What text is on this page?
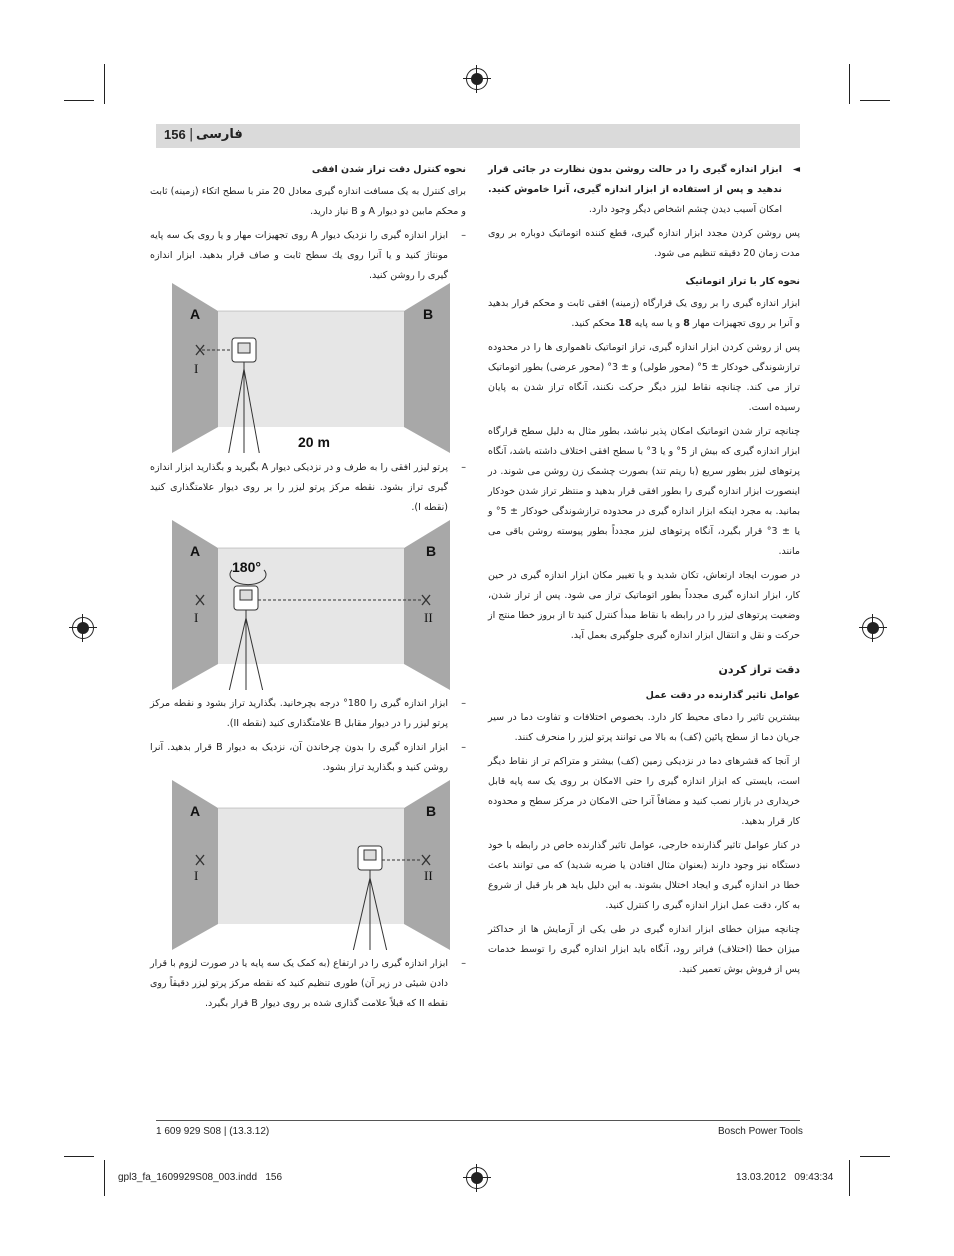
156 | فارسی
◄
ابزار اندازه گیری را در حالت روشن بدون نظارت در جائی قرار ندهید و پس از استفاده از ابزار اندازه گیری، آنرا خاموش کنید. امکان آسیب دیدن چشم اشخاص دیگر وجود دارد.

پس روشن کردن مجدد ابزار اندازه گیری، قطع کننده اتوماتیک دوباره بر روی مدت زمان 20 دقیقه تنظیم می شود.

نحوه کار با تراز اتوماتیک

ابزار اندازه گیری را بر روی یک قرارگاه (زمینه) افقی ثابت و محکم قرار بدهید و آنرا بر روی تجهیزات مهار 8 و یا سه پایه 18 محکم کنید.

پس از روشن کردن ابزار اندازه گیری، تراز اتوماتیک ناهمواری ها را در محدوده ترازشوندگی خودکار ± 5° (محور طولی) و ± 3° (محور عرضی) بطور اتوماتیک تراز می کند. چنانچه نقاط لیزر دیگر حرکت نکنند، آنگاه تراز شدن به پایان رسیده است.

چنانچه تراز شدن اتوماتیک امکان پذیر نباشد، بطور مثال به دلیل سطح قرارگاه ابزار اندازه گیری که بیش از 5° و یا 3° با سطح افقی اختلاف داشته باشد، آنگاه پرتوهای لیزر بطور سریع (با ریتم تند) بصورت چشمک زن روشن می شوند. در اینصورت ابزار اندازه گیری را بطور افقی قرار بدهید و منتظر تراز شدن خودکار بمانید. به مجرد اینکه ابزار اندازه گیری در محدوده ترازشوندگی خودکار ± 5° و یا ± 3° قرار بگیرد، آنگاه پرتوهای لیزر مجدداً بطور پیوسته روشن باقی می مانند.

در صورت ایجاد ارتعاش، تکان شدید و یا تغییر مکان ابزار اندازه گیری در حین کار، ابزار اندازه گیری مجدداً بطور اتوماتیک تراز می شود. پس از تراز شدن، وضعیت پرتوهای لیزر را در رابطه با نقاط مبدأ کنترل کنید تا از بروز خطا منتج از حرکت و نقل و انتقال ابزار اندازه گیری جلوگیری بعمل آید.

دقت تراز کردن
عوامل تاثیر گذارنده در دقت عمل

بیشترین تاثیر را دمای محیط کار دارد. بخصوص اختلافات و تفاوت دما در سیر جریان دما از سطح پائین (کف) به بالا می توانند پرتو لیزر را منحرف کنند.

از آنجا که قشرهای دما در نزدیکی زمین (کف) بیشتر و متراکم تر از نقاط دیگر است، بایستی که ابزار اندازه گیری را حتی الامکان بر روی یک سه پایه قابل خریداری در بازار نصب کنید و مضافاً آنرا حتی الامکان در مرکز سطح و محدوده کار قرار بدهید.

در کنار عوامل تاثیر گذارنده خارجی، عوامل تاثیر گذارنده خاص در رابطه با خود دستگاه نیز وجود دارند (بعنوان مثال افتادن یا ضربه شدید) که می توانند باعث خطا در اندازه گیری و ایجاد اختلال بشوند. به این دلیل باید هر بار قبل از شروع به کار، دقت عمل ابزار اندازه گیری را کنترل کنید.

چنانچه میزان خطای ابزار اندازه گیری در طی یکی از آزمایش ها از حداکثر میزان خطا (اختلاف) فراتر رود، آنگاه باید ابزار اندازه گیری را توسط خدمات پس از فروش بوش تعمیر کنید.

نحوه کنترل دقت تراز شدن افقی

برای کنترل به یک مسافت اندازه گیری معادل 20 متر با سطح اتکاء (زمینه) ثابت و محکم مابین دو دیوار A و B نیاز دارید.

–
ابزار اندازه گیری را نزدیک دیوار A روی تجهیزات مهار و یا روی یک سه پایه مونتاژ کنید و یا آنرا روی یك سطح ثابت و صاف قرار بدهید. ابزار اندازه گیری را روشن کنید.
A	B
I
20 m
–
پرتو لیزر افقی را به طرف و در نزدیکی دیوار A بگیرید و بگذارید ابزار اندازه گیری تراز بشود. نقطه مرکز پرتو لیزر را بر روی دیوار علامتگذاری کنید (نقطه I).
A	B
180°
I	II
–
ابزار اندازه گیری را 180° درجه بچرخانید. بگذارید تراز بشود و نقطه مرکز پرتو لیزر را در دیوار مقابل B علامتگذاری کنید (نقطه II).
–
ابزار اندازه گیری را بدون چرخاندن آن، نزدیک به دیوار B قرار بدهید. آنرا روشن کنید و بگذارید تراز بشود.
A	B
I	II
–
ابزار اندازه گیری را در ارتفاع (به کمک یک سه پایه یا در صورت لزوم با قرار دادن شیئی در زیر آن) طوری تنظیم کنید که نقطه مرکز پرتو لیزر دقیقاً روی نقطه II که قبلاً علامت گذاری شده بر روی دیوار B قرار بگیرد.
1 609 929 S08 | (13.3.12)	Bosch Power Tools
gpl3_fa_1609929S08_003.indd   156	13.03.2012   09:43:34
